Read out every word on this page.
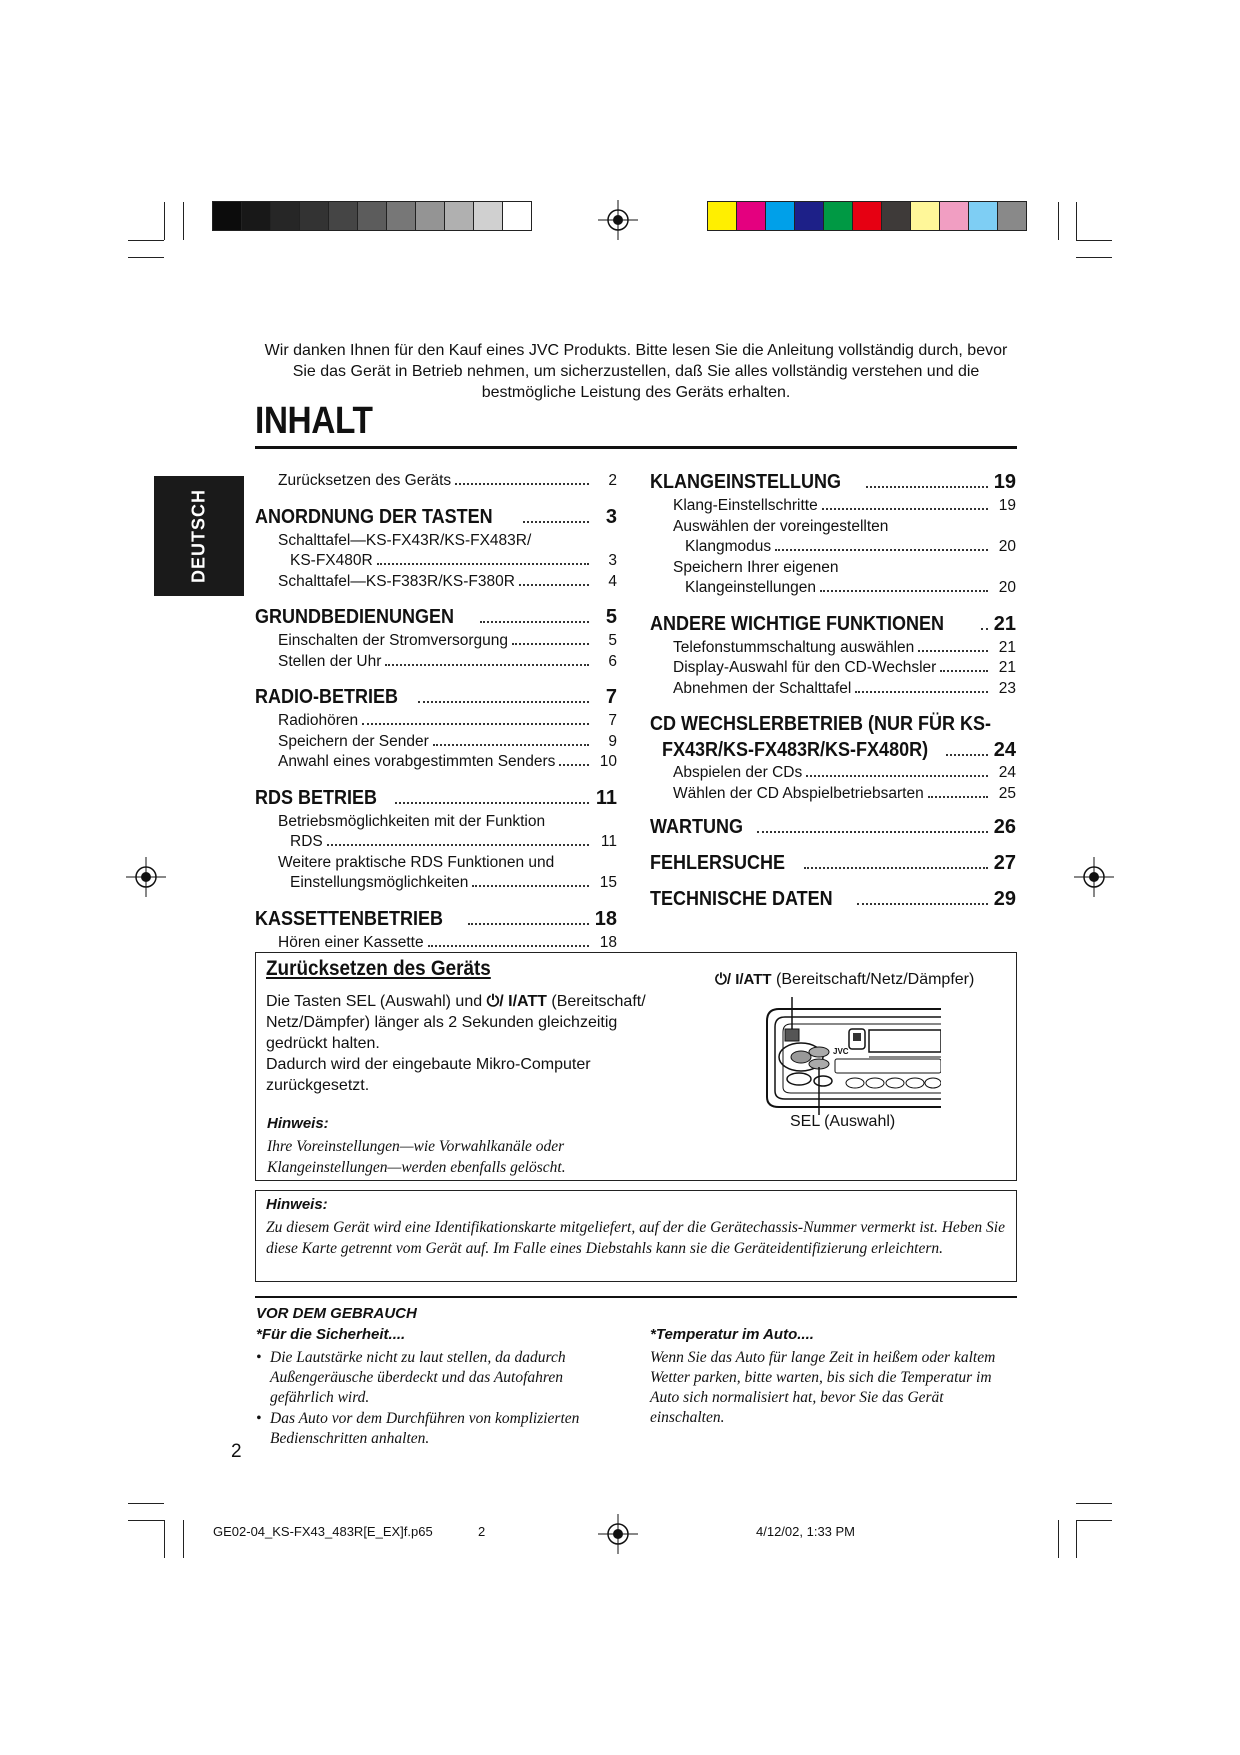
Wir danken Ihnen für den Kauf eines JVC Produkts. Bitte lesen Sie die Anleitung vollständig durch, bevor Sie das Gerät in Betrieb nehmen, um sicherzustellen, daß Sie alles vollständig verstehen und die bestmögliche Leistung des Geräts erhalten.
INHALT
DEUTSCH
Zurücksetzen des Geräts	2
ANORDNUNG DER TASTEN	3
Schalttafel—KS-FX43R/KS-FX483R/
KS-FX480R	3
Schalttafel—KS-F383R/KS-F380R	4
GRUNDBEDIENUNGEN	5
Einschalten der Stromversorgung	5
Stellen der Uhr	6
RADIO-BETRIEB	7
Radiohören	7
Speichern der Sender	9
Anwahl eines vorabgestimmten Senders	10
RDS BETRIEB	11
Betriebsmöglichkeiten mit der Funktion
RDS	11
Weitere praktische RDS Funktionen und
Einstellungsmöglichkeiten	15
KASSETTENBETRIEB	18
Hören einer Kassette	18
KLANGEINSTELLUNG	19
Klang-Einstellschritte	19
Auswählen der voreingestellten
Klangmodus	20
Speichern Ihrer eigenen
Klangeinstellungen	20
ANDERE WICHTIGE FUNKTIONEN 21
Telefonstummschaltung auswählen	21
Display-Auswahl für den CD-Wechsler	21
Abnehmen der Schalttafel	23
CD WECHSLERBETRIEB (NUR FÜR KS-
FX43R/KS-FX483R/KS-FX480R)	24
Abspielen der CDs	24
Wählen der CD Abspielbetriebsarten	25
WARTUNG	26
FEHLERSUCHE	27
TECHNISCHE DATEN	29
Zurücksetzen des Geräts
Die Tasten SEL (Auswahl) und ⏻/ I/ATT (Bereitschaft/ Netz/Dämpfer) länger als 2 Sekunden gleichzeitig gedrückt halten.
Dadurch wird der eingebaute Mikro-Computer zurückgesetzt.
Hinweis:
Ihre Voreinstellungen—wie Vorwahlkanäle oder Klangeinstellungen—werden ebenfalls gelöscht.
⏻/ I/ATT (Bereitschaft/Netz/Dämpfer)
JVC
SEL (Auswahl)
Hinweis:
Zu diesem Gerät wird eine Identifikationskarte mitgeliefert, auf der die Gerätechassis-Nummer vermerkt ist. Heben Sie diese Karte getrennt vom Gerät auf. Im Falle eines Diebstahls kann sie die Geräteidentifizierung erleichtern.
VOR DEM GEBRAUCH
*Für die Sicherheit....
• Die Lautstärke nicht zu laut stellen, da dadurch Außengeräusche überdeckt und das Autofahren gefährlich wird.
• Das Auto vor dem Durchführen von komplizierten Bedienschritten anhalten.
*Temperatur im Auto....
Wenn Sie das Auto für lange Zeit in heißem oder kaltem Wetter parken, bitte warten, bis sich die Temperatur im Auto sich normalisiert hat, bevor Sie das Gerät einschalten.
2
GE02-04_KS-FX43_483R[E_EX]f.p65	2	4/12/02, 1:33 PM
